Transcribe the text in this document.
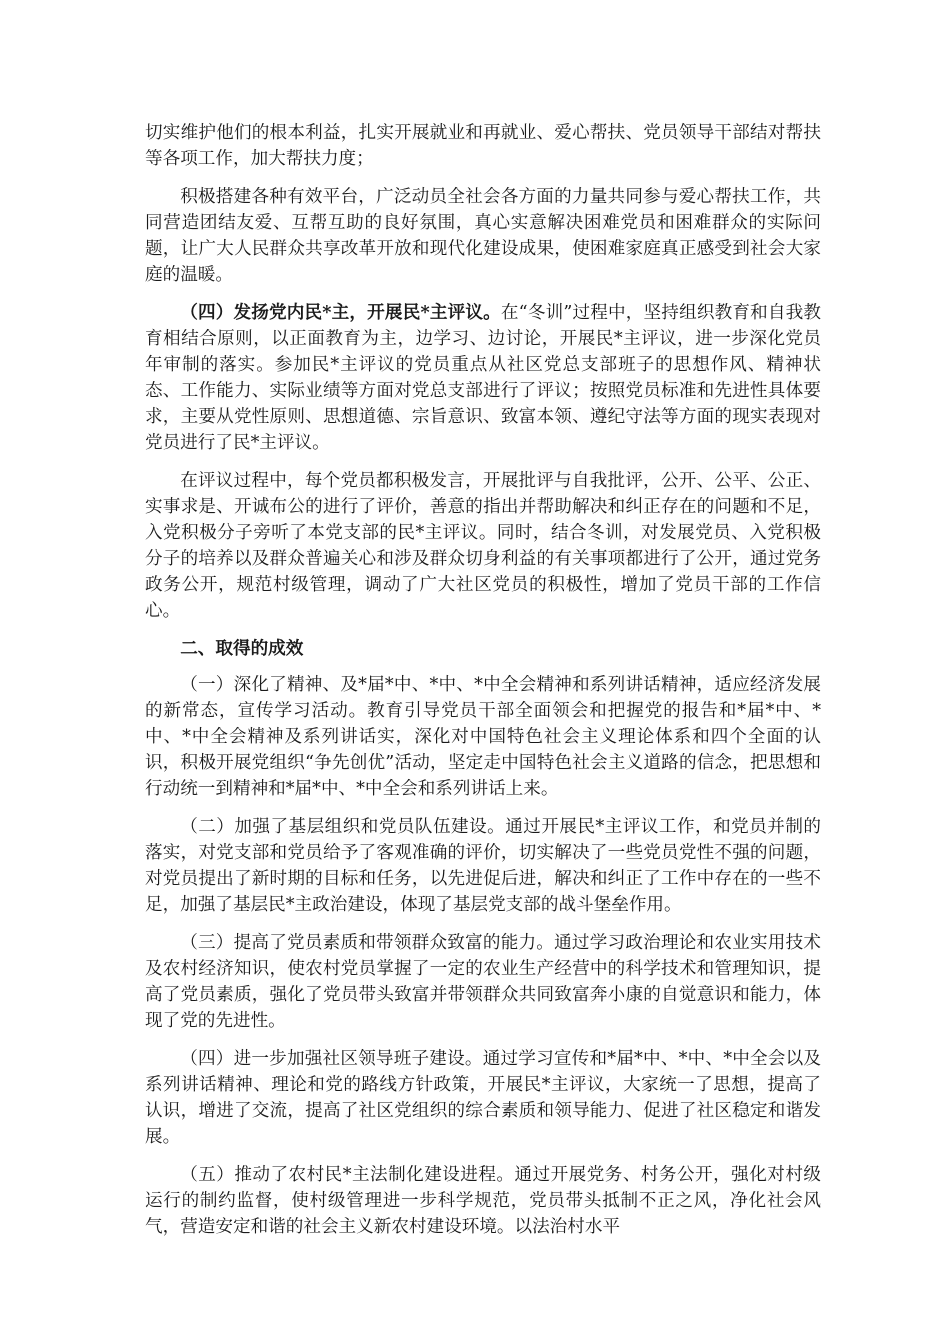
切实维护他们的根本利益，扎实开展就业和再就业、爱心帮扶、党员领导干部结对帮扶等各项工作，加大帮扶力度；

积极搭建各种有效平台，广泛动员全社会各方面的力量共同参与爱心帮扶工作，共同营造团结友爱、互帮互助的良好氛围，真心实意解决困难党员和困难群众的实际问题，让广大人民群众共享改革开放和现代化建设成果，使困难家庭真正感受到社会大家庭的温暖。

（四）发扬党内民*主，开展民*主评议。在“冬训”过程中，坚持组织教育和自我教育相结合原则，以正面教育为主，边学习、边讨论，开展民*主评议，进一步深化党员年审制的落实。参加民*主评议的党员重点从社区党总支部班子的思想作风、精神状态、工作能力、实际业绩等方面对党总支部进行了评议；按照党员标准和先进性具体要求，主要从党性原则、思想道德、宗旨意识、致富本领、遵纪守法等方面的现实表现对党员进行了民*主评议。

在评议过程中，每个党员都积极发言，开展批评与自我批评，公开、公平、公正、实事求是、开诚布公的进行了评价，善意的指出并帮助解决和纠正存在的问题和不足，入党积极分子旁听了本党支部的民*主评议。同时，结合冬训，对发展党员、入党积极分子的培养以及群众普遍关心和涉及群众切身利益的有关事项都进行了公开，通过党务政务公开，规范村级管理，调动了广大社区党员的积极性，增加了党员干部的工作信心。

二、取得的成效

（一）深化了精神、及*届*中、*中、*中全会精神和系列讲话精神，适应经济发展的新常态，宣传学习活动。教育引导党员干部全面领会和把握党的报告和*届*中、*中、*中全会精神及系列讲话实，深化对中国特色社会主义理论体系和四个全面的认识，积极开展党组织“争先创优”活动，坚定走中国特色社会主义道路的信念，把思想和行动统一到精神和*届*中、*中全会和系列讲话上来。

（二）加强了基层组织和党员队伍建设。通过开展民*主评议工作，和党员并制的落实，对党支部和党员给予了客观准确的评价，切实解决了一些党员党性不强的问题，对党员提出了新时期的目标和任务，以先进促后进，解决和纠正了工作中存在的一些不足，加强了基层民*主政治建设，体现了基层党支部的战斗堡垒作用。

（三）提高了党员素质和带领群众致富的能力。通过学习政治理论和农业实用技术及农村经济知识，使农村党员掌握了一定的农业生产经营中的科学技术和管理知识，提高了党员素质，强化了党员带头致富并带领群众共同致富奔小康的自觉意识和能力，体现了党的先进性。

（四）进一步加强社区领导班子建设。通过学习宣传和*届*中、*中、*中全会以及系列讲话精神、理论和党的路线方针政策，开展民*主评议，大家统一了思想，提高了认识，增进了交流，提高了社区党组织的综合素质和领导能力、促进了社区稳定和谐发展。

（五）推动了农村民*主法制化建设进程。通过开展党务、村务公开，强化对村级运行的制约监督，使村级管理进一步科学规范，党员带头抵制不正之风，净化社会风气，营造安定和谐的社会主义新农村建设环境。以法治村水平
